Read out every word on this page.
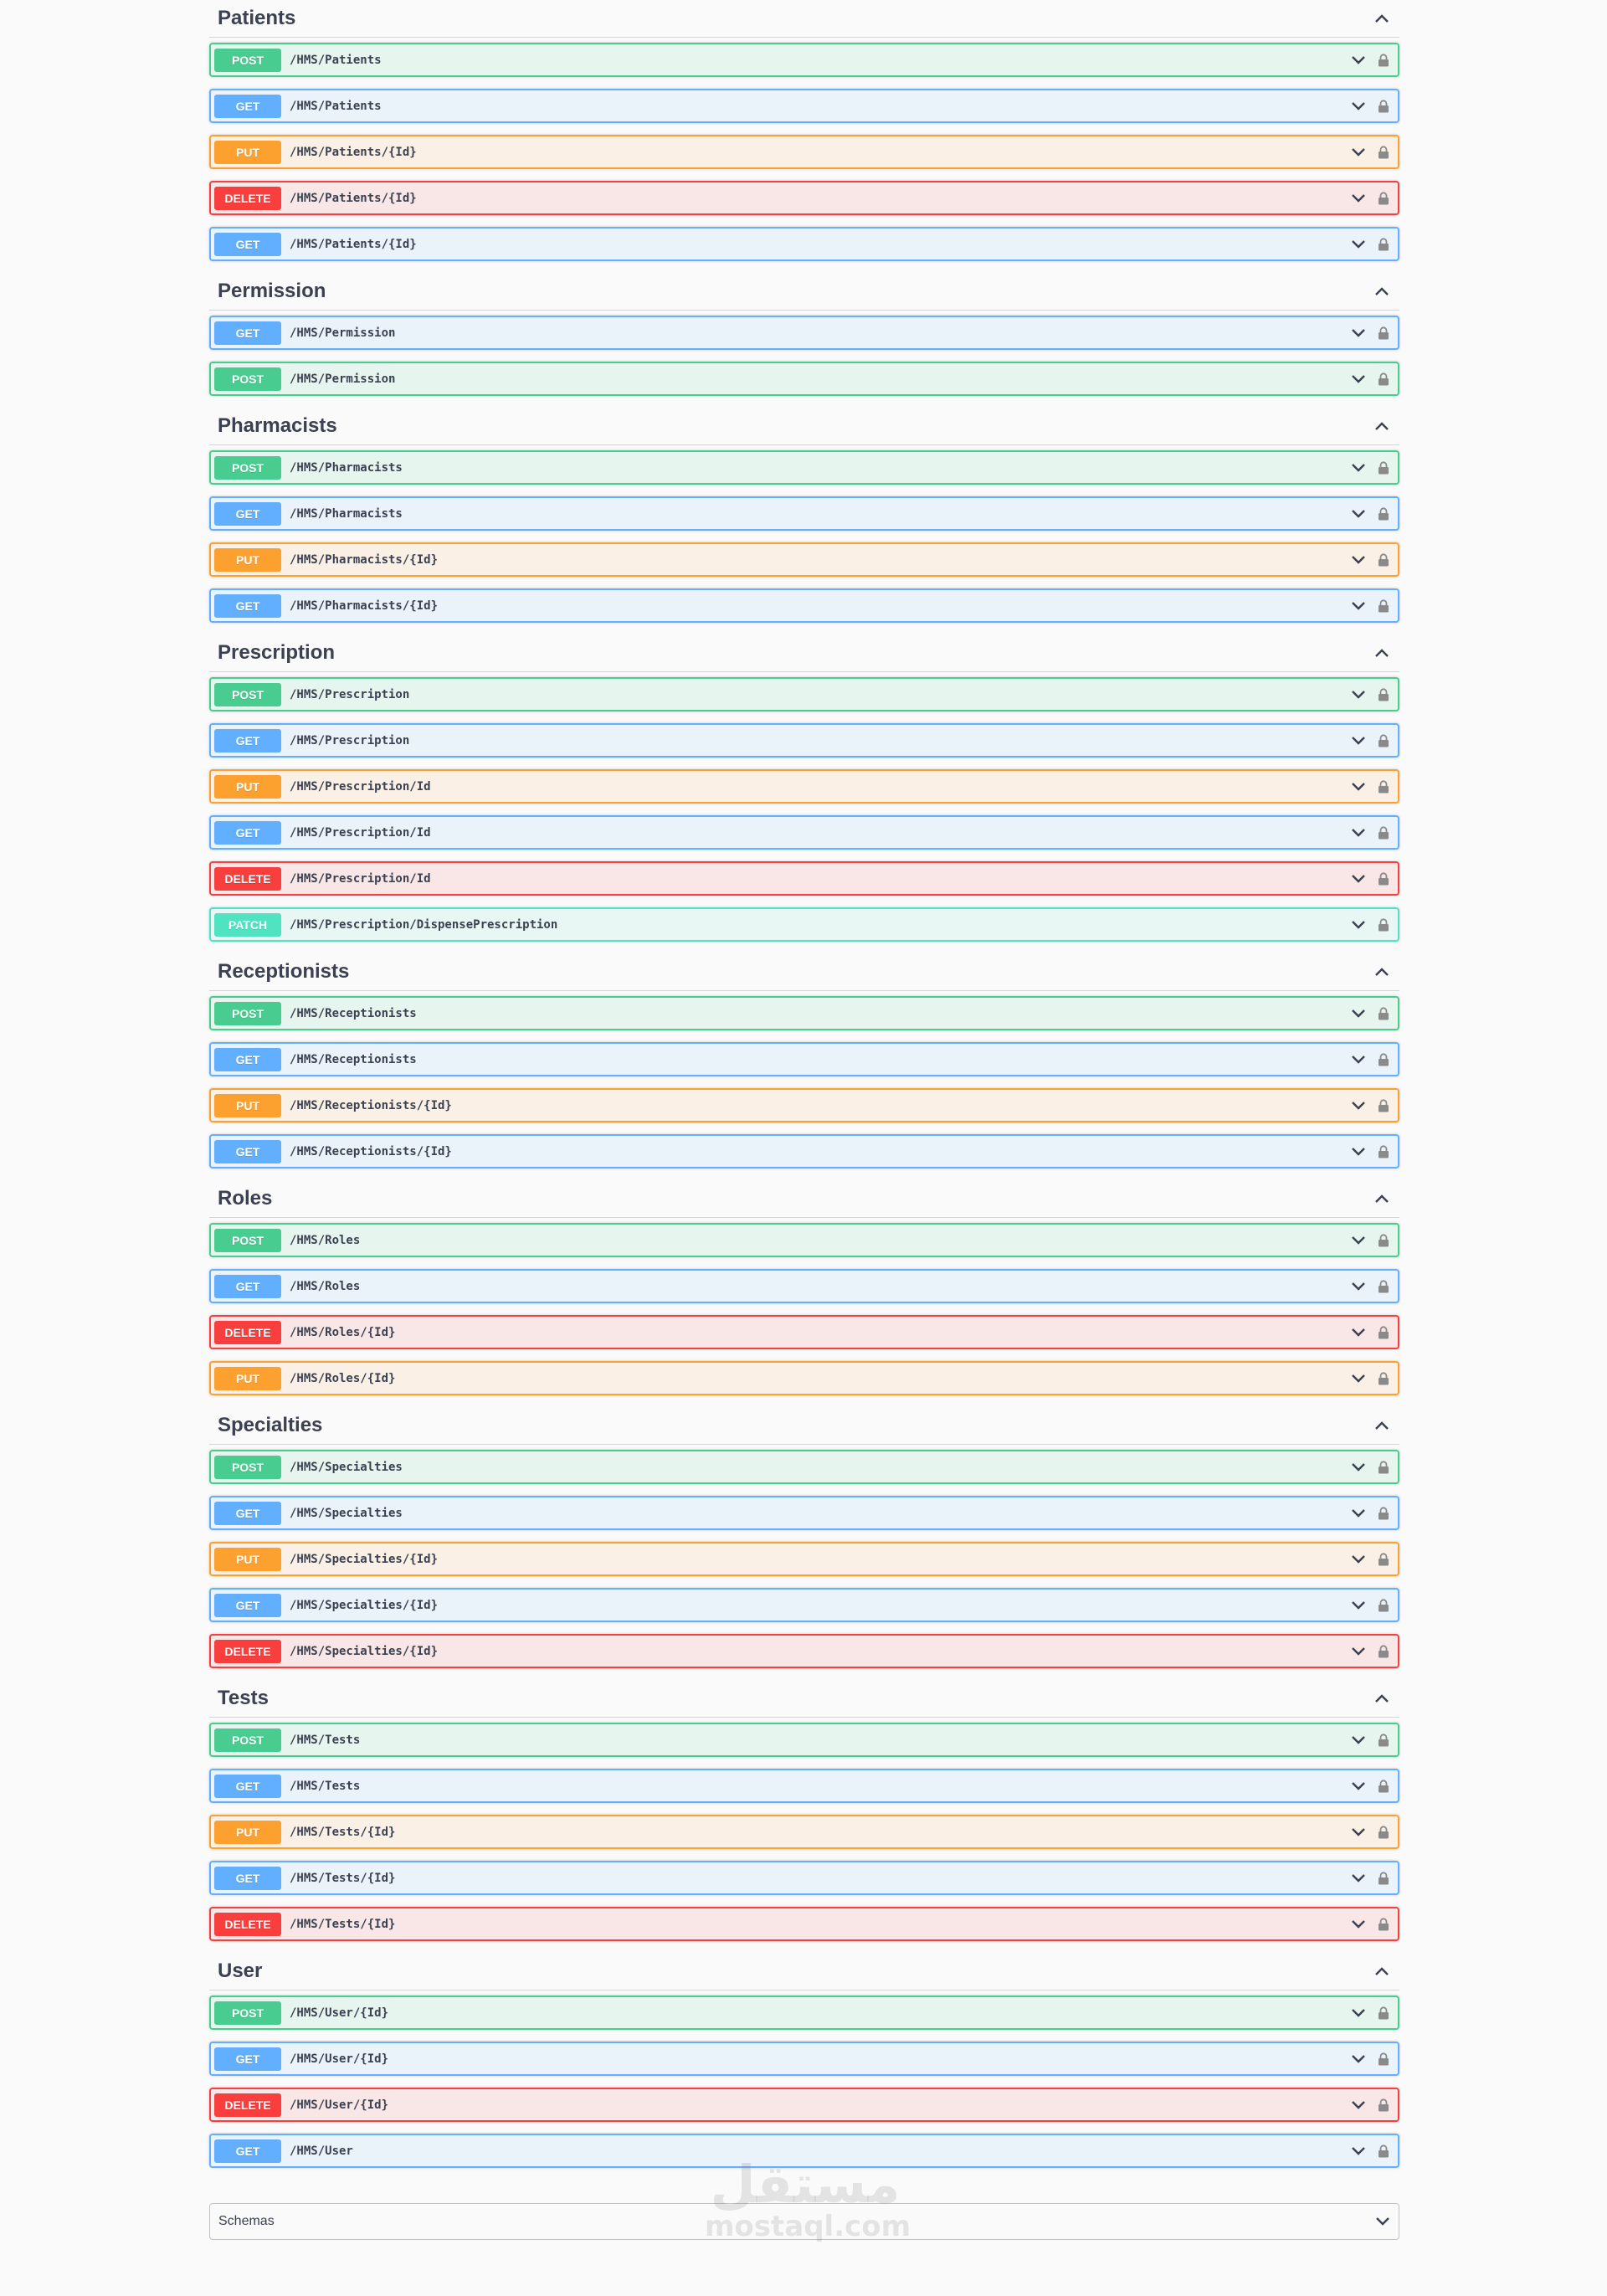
Patients
POST	/HMS/Patients
GET	/HMS/Patients
PUT	/HMS/Patients/{Id}
DELETE	/HMS/Patients/{Id}
GET	/HMS/Patients/{Id}
Permission
GET	/HMS/Permission
POST	/HMS/Permission
Pharmacists
POST	/HMS/Pharmacists
GET	/HMS/Pharmacists
PUT	/HMS/Pharmacists/{Id}
GET	/HMS/Pharmacists/{Id}
Prescription
POST	/HMS/Prescription
GET	/HMS/Prescription
PUT	/HMS/Prescription/Id
GET	/HMS/Prescription/Id
DELETE	/HMS/Prescription/Id
PATCH	/HMS/Prescription/DispensePrescription
Receptionists
POST	/HMS/Receptionists
GET	/HMS/Receptionists
PUT	/HMS/Receptionists/{Id}
GET	/HMS/Receptionists/{Id}
Roles
POST	/HMS/Roles
GET	/HMS/Roles
DELETE	/HMS/Roles/{Id}
PUT	/HMS/Roles/{Id}
Specialties
POST	/HMS/Specialties
GET	/HMS/Specialties
PUT	/HMS/Specialties/{Id}
GET	/HMS/Specialties/{Id}
DELETE	/HMS/Specialties/{Id}
Tests
POST	/HMS/Tests
GET	/HMS/Tests
PUT	/HMS/Tests/{Id}
GET	/HMS/Tests/{Id}
DELETE	/HMS/Tests/{Id}
User
POST	/HMS/User/{Id}
GET	/HMS/User/{Id}
DELETE	/HMS/User/{Id}
GET	/HMS/User
Schemas
مستقل
